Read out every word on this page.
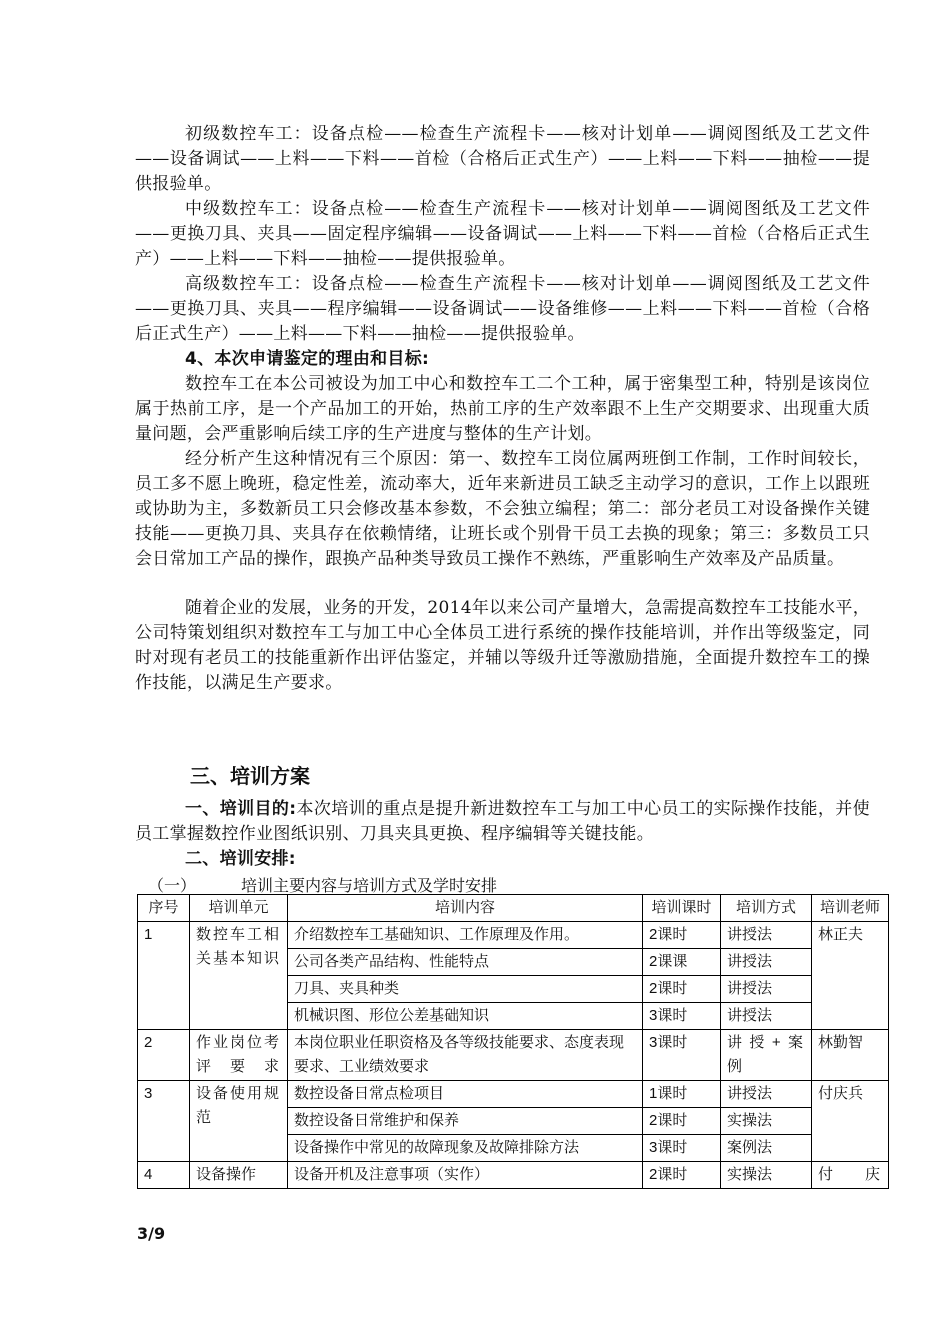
初级数控车工：设备点检——检查生产流程卡——核对计划单——调阅图纸及工艺文件——设备调试——上料——下料——首检（合格后正式生产）——上料——下料——抽检——提供报验单。

中级数控车工：设备点检——检查生产流程卡——核对计划单——调阅图纸及工艺文件——更换刀具、夹具——固定程序编辑——设备调试——上料——下料——首检（合格后正式生产）——上料——下料——抽检——提供报验单。

高级数控车工：设备点检——检查生产流程卡——核对计划单——调阅图纸及工艺文件——更换刀具、夹具——程序编辑——设备调试——设备维修——上料——下料——首检（合格后正式生产）——上料——下料——抽检——提供报验单。

4、本次申请鉴定的理由和目标:

数控车工在本公司被设为加工中心和数控车工二个工种，属于密集型工种，特别是该岗位属于热前工序，是一个产品加工的开始，热前工序的生产效率跟不上生产交期要求、出现重大质量问题，会严重影响后续工序的生产进度与整体的生产计划。

经分析产生这种情况有三个原因：第一、数控车工岗位属两班倒工作制，工作时间较长，员工多不愿上晚班，稳定性差，流动率大，近年来新进员工缺乏主动学习的意识，工作上以跟班或协助为主，多数新员工只会修改基本参数，不会独立编程；第二：部分老员工对设备操作关键技能——更换刀具、夹具存在依赖情绪，让班长或个别骨干员工去换的现象；第三：多数员工只会日常加工产品的操作，跟换产品种类导致员工操作不熟练，严重影响生产效率及产品质量。

随着企业的发展，业务的开发，2014年以来公司产量增大，急需提高数控车工技能水平，公司特策划组织对数控车工与加工中心全体员工进行系统的操作技能培训，并作出等级鉴定，同时对现有老员工的技能重新作出评估鉴定，并辅以等级升迁等激励措施，全面提升数控车工的操作技能，以满足生产要求。

三、培训方案

一、培训目的:本次培训的重点是提升新进数控车工与加工中心员工的实际操作技能，并使员工掌握数控作业图纸识别、刀具夹具更换、程序编辑等关键技能。

二、培训安排:

（一）	培训主要内容与培训方式及学时安排

序号	培训单元	培训内容	培训课时	培训方式	培训老师
1	数控车工相关基本知识	介绍数控车工基础知识、工作原理及作用。	2课时	讲授法	林正夫
		公司各类产品结构、性能特点	2课课	讲授法	
		刀具、夹具种类	2课时	讲授法	
		机械识图、形位公差基础知识	3课时	讲授法	
2	作业岗位考评要求	本岗位职业任职资格及各等级技能要求、态度表现要求、工业绩效要求	3课时	讲授+案例	林勤智
3	设备使用规范	数控设备日常点检项目	1课时	讲授法	付庆兵
		数控设备日常维护和保养	2课时	实操法	
		设备操作中常见的故障现象及故障排除方法	3课时	案例法	
4	设备操作	设备开机及注意事项（实作）	2课时	实操法	付庆
3/9
